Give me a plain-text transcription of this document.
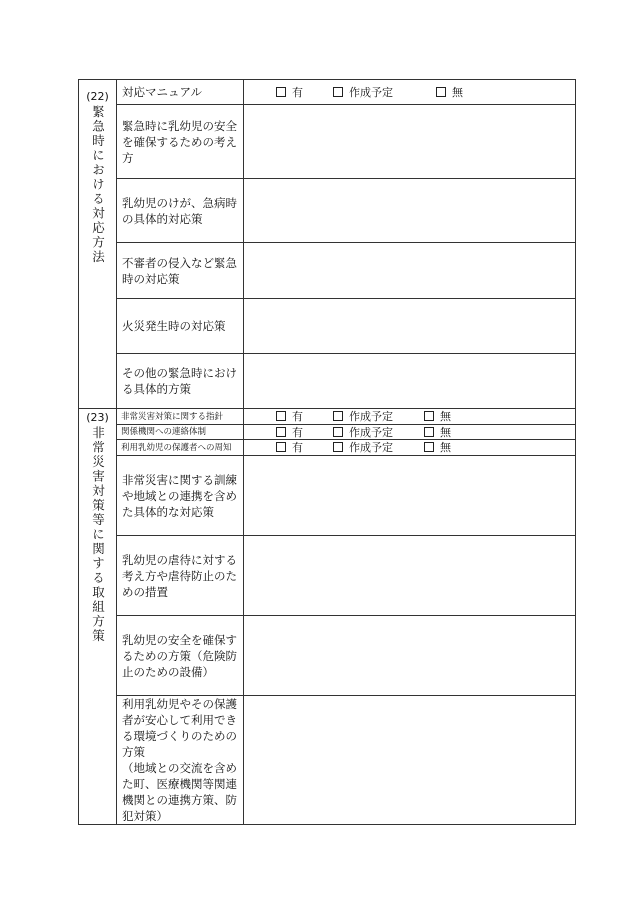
(22)
緊急時における対応方法	対応マニュアル	有 作成予定 無

	緊急時に乳幼児の安全を確保するための考え方	
	乳幼児のけが、急病時の具体的対応策	
	不審者の侵入など緊急時の対応策	
	火災発生時の対応策	
	その他の緊急時における具体的方策	

(23)
非常災害対策等に関する取組方策	非常災害対策に関する指針	有 作成予定 無

	関係機関への連絡体制	有 作成予定 無

	利用乳幼児の保護者への周知	有 作成予定 無

	非常災害に関する訓練や地域との連携を含めた具体的な対応策	
	乳幼児の虐待に対する考え方や虐待防止のための措置	
	乳幼児の安全を確保するための方策（危険防止のための設備）	
	利用乳幼児やその保護者が安心して利用できる環境づくりのための方策
（地域との交流を含めた町、医療機関等関連機関との連携方策、防犯対策）	
